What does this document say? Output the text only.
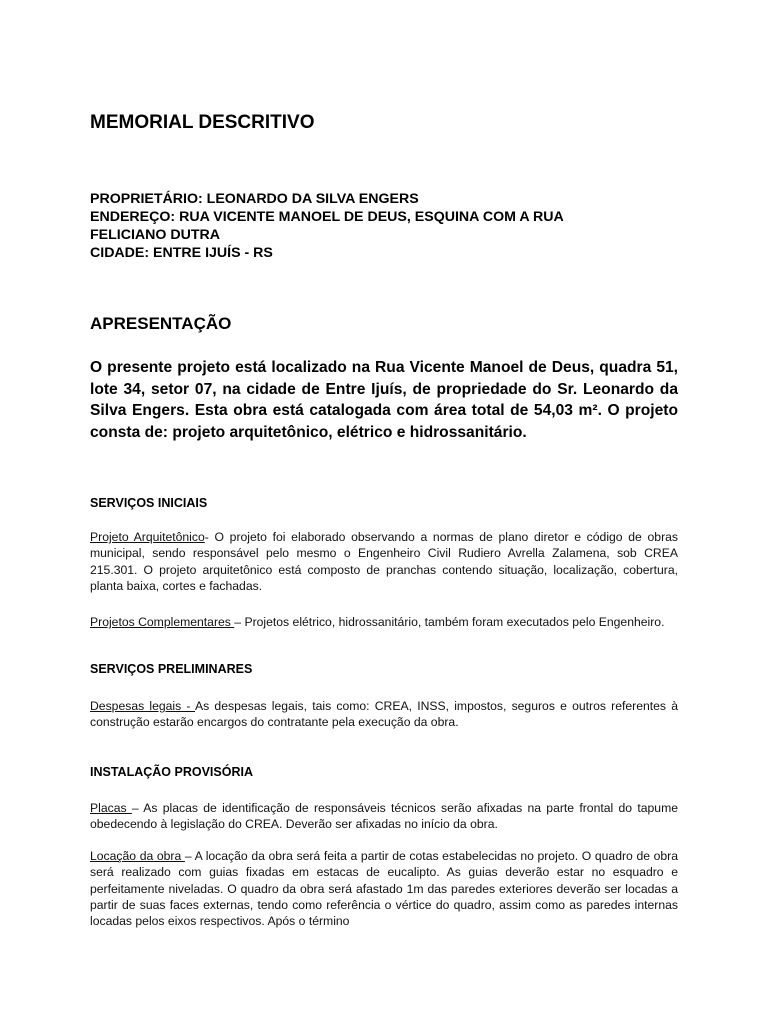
MEMORIAL DESCRITIVO
PROPRIETÁRIO: LEONARDO DA SILVA ENGERS
ENDEREÇO: RUA VICENTE MANOEL DE DEUS, ESQUINA COM A RUA
FELICIANO DUTRA
CIDADE: ENTRE IJUÍS - RS
APRESENTAÇÃO
O presente projeto está localizado na Rua Vicente Manoel de Deus, quadra 51, lote 34, setor 07, na cidade de Entre Ijuís, de propriedade do Sr. Leonardo da Silva Engers. Esta obra está catalogada com área total de 54,03 m². O projeto consta de: projeto arquitetônico, elétrico e hidrossanitário.
SERVIÇOS INICIAIS
Projeto Arquitetônico- O projeto foi elaborado observando a normas de plano diretor e código de obras municipal, sendo responsável pelo mesmo o Engenheiro Civil Rudiero Avrella Zalamena, sob CREA 215.301. O projeto arquitetônico está composto de pranchas contendo situação, localização, cobertura, planta baixa, cortes e fachadas.
Projetos Complementares – Projetos elétrico, hidrossanitário, também foram executados pelo Engenheiro.
SERVIÇOS PRELIMINARES
Despesas legais - As despesas legais, tais como: CREA, INSS, impostos, seguros e outros referentes à construção estarão encargos do contratante pela execução da obra.
INSTALAÇÃO PROVISÓRIA
Placas – As placas de identificação de responsáveis técnicos serão afixadas na parte frontal do tapume obedecendo à legislação do CREA. Deverão ser afixadas no início da obra.
Locação da obra – A locação da obra será feita a partir de cotas estabelecidas no projeto. O quadro de obra será realizado com guias fixadas em estacas de eucalipto. As guias deverão estar no esquadro e perfeitamente niveladas. O quadro da obra será afastado 1m das paredes exteriores deverão ser locadas a partir de suas faces externas, tendo como referência o vértice do quadro, assim como as paredes internas locadas pelos eixos respectivos. Após o término
